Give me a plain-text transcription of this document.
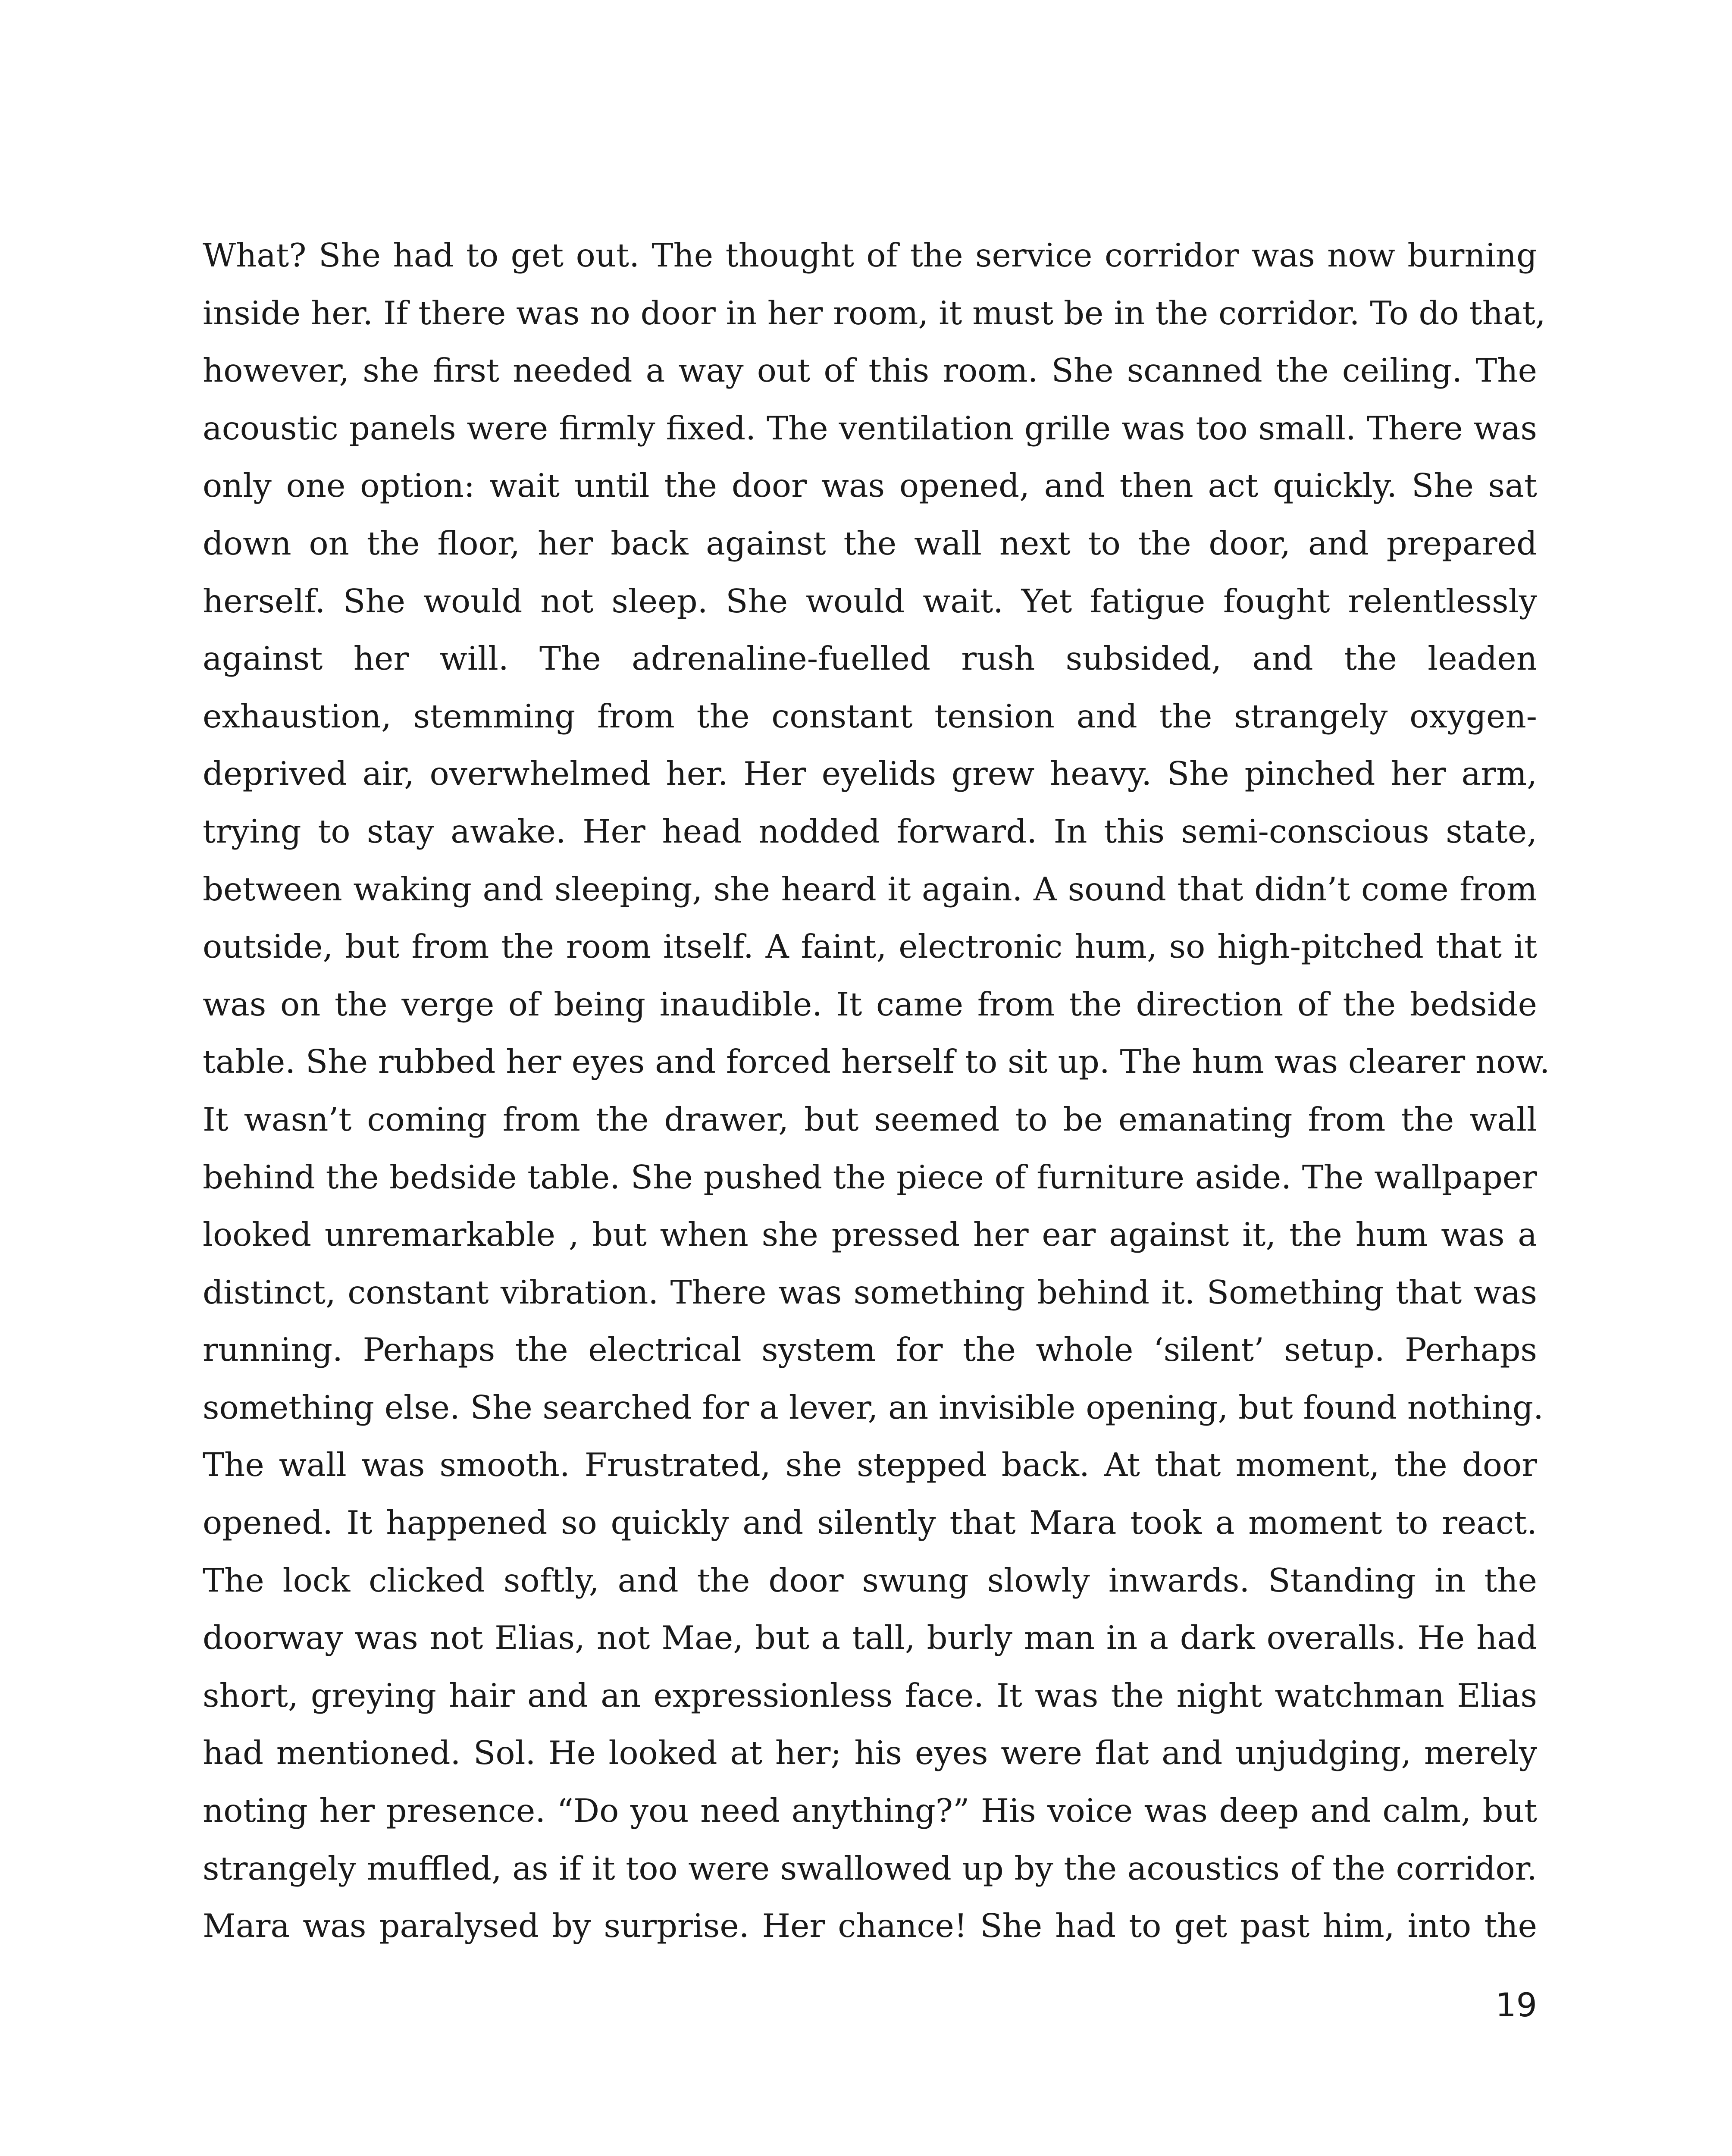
What? She had to get out. The thought of the service corridor was now burning
inside her. If there was no door in her room, it must be in the corridor. To do that,
however, she first needed a way out of this room. She scanned the ceiling. The
acoustic panels were firmly fixed. The ventilation grille was too small. There was
only one option: wait until the door was opened, and then act quickly. She sat
down on the floor, her back against the wall next to the door, and prepared
herself. She would not sleep. She would wait. Yet fatigue fought relentlessly
against her will. The adrenaline-fuelled rush subsided, and the leaden
exhaustion, stemming from the constant tension and the strangely oxygen-
deprived air, overwhelmed her. Her eyelids grew heavy. She pinched her arm,
trying to stay awake. Her head nodded forward. In this semi-conscious state,
between waking and sleeping, she heard it again. A sound that didn’t come from
outside, but from the room itself. A faint, electronic hum, so high-pitched that it
was on the verge of being inaudible. It came from the direction of the bedside
table. She rubbed her eyes and forced herself to sit up. The hum was clearer now.
It wasn’t coming from the drawer, but seemed to be emanating from the wall
behind the bedside table. She pushed the piece of furniture aside. The wallpaper
looked unremarkable , but when she pressed her ear against it, the hum was a
distinct, constant vibration. There was something behind it. Something that was
running. Perhaps the electrical system for the whole ‘silent’ setup. Perhaps
something else. She searched for a lever, an invisible opening, but found nothing.
The wall was smooth. Frustrated, she stepped back. At that moment, the door
opened. It happened so quickly and silently that Mara took a moment to react.
The lock clicked softly, and the door swung slowly inwards. Standing in the
doorway was not Elias, not Mae, but a tall, burly man in a dark overalls. He had
short, greying hair and an expressionless face. It was the night watchman Elias
had mentioned. Sol. He looked at her; his eyes were flat and unjudging, merely
noting her presence. “Do you need anything?” His voice was deep and calm, but
strangely muffled, as if it too were swallowed up by the acoustics of the corridor.
Mara was paralysed by surprise. Her chance! She had to get past him, into the
19
